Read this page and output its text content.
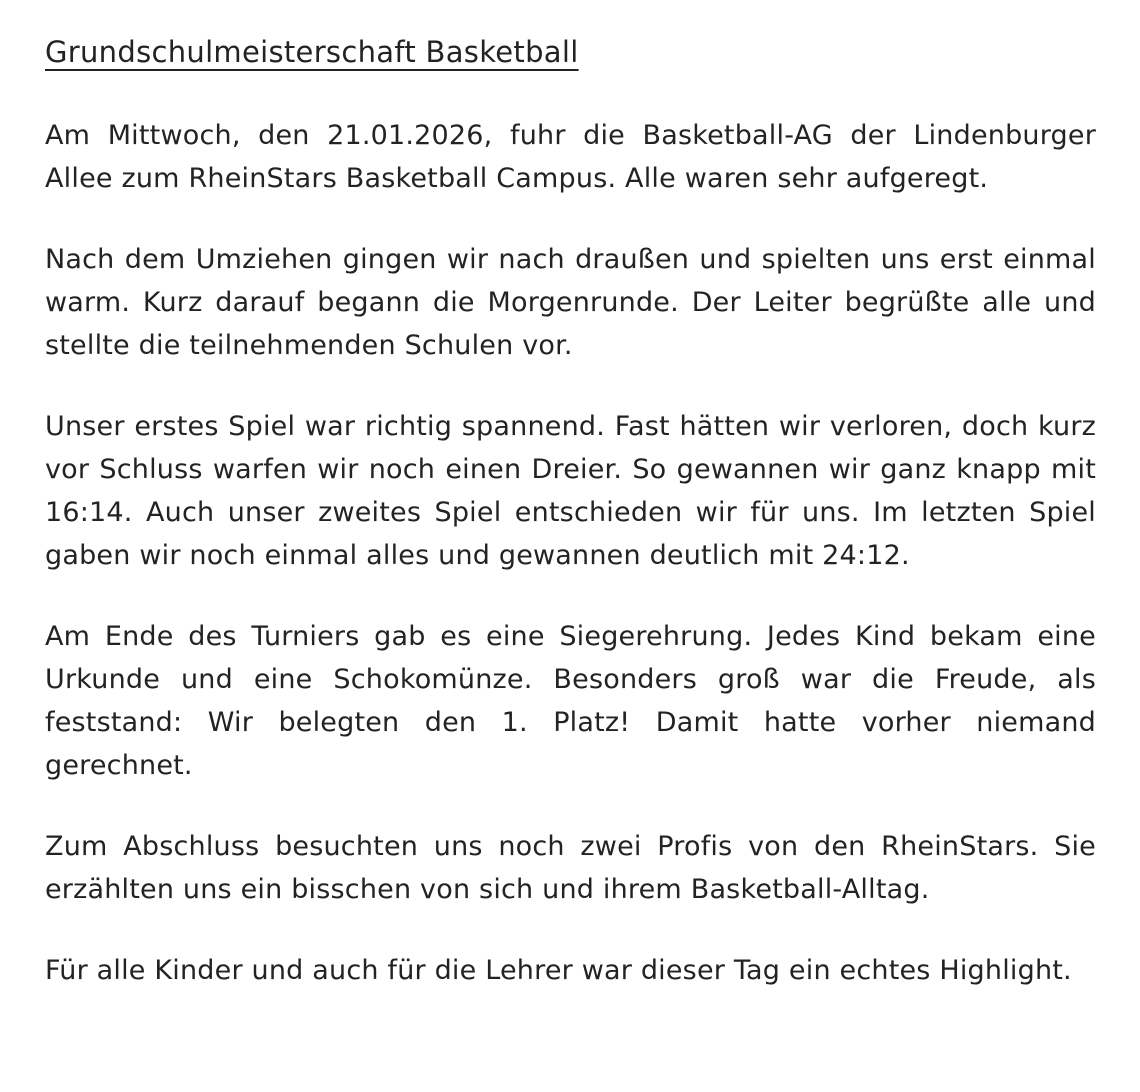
Grundschulmeisterschaft Basketball

Am Mittwoch, den 21.01.2026, fuhr die Basketball-AG der Lindenburger Allee zum RheinStars Basketball Campus. Alle waren sehr aufgeregt.

Nach dem Umziehen gingen wir nach draußen und spielten uns erst einmal warm. Kurz darauf begann die Morgenrunde. Der Leiter begrüßte alle und stellte die teilnehmenden Schulen vor.

Unser erstes Spiel war richtig spannend. Fast hätten wir verloren, doch kurz vor Schluss warfen wir noch einen Dreier. So gewannen wir ganz knapp mit 16:14. Auch unser zweites Spiel entschieden wir für uns. Im letzten Spiel gaben wir noch einmal alles und gewannen deutlich mit 24:12.

Am Ende des Turniers gab es eine Siegerehrung. Jedes Kind bekam eine Urkunde und eine Schokomünze. Besonders groß war die Freude, als feststand: Wir belegten den 1. Platz! Damit hatte vorher niemand gerechnet.

Zum Abschluss besuchten uns noch zwei Profis von den RheinStars. Sie erzählten uns ein bisschen von sich und ihrem Basketball-Alltag.

Für alle Kinder und auch für die Lehrer war dieser Tag ein echtes Highlight.
